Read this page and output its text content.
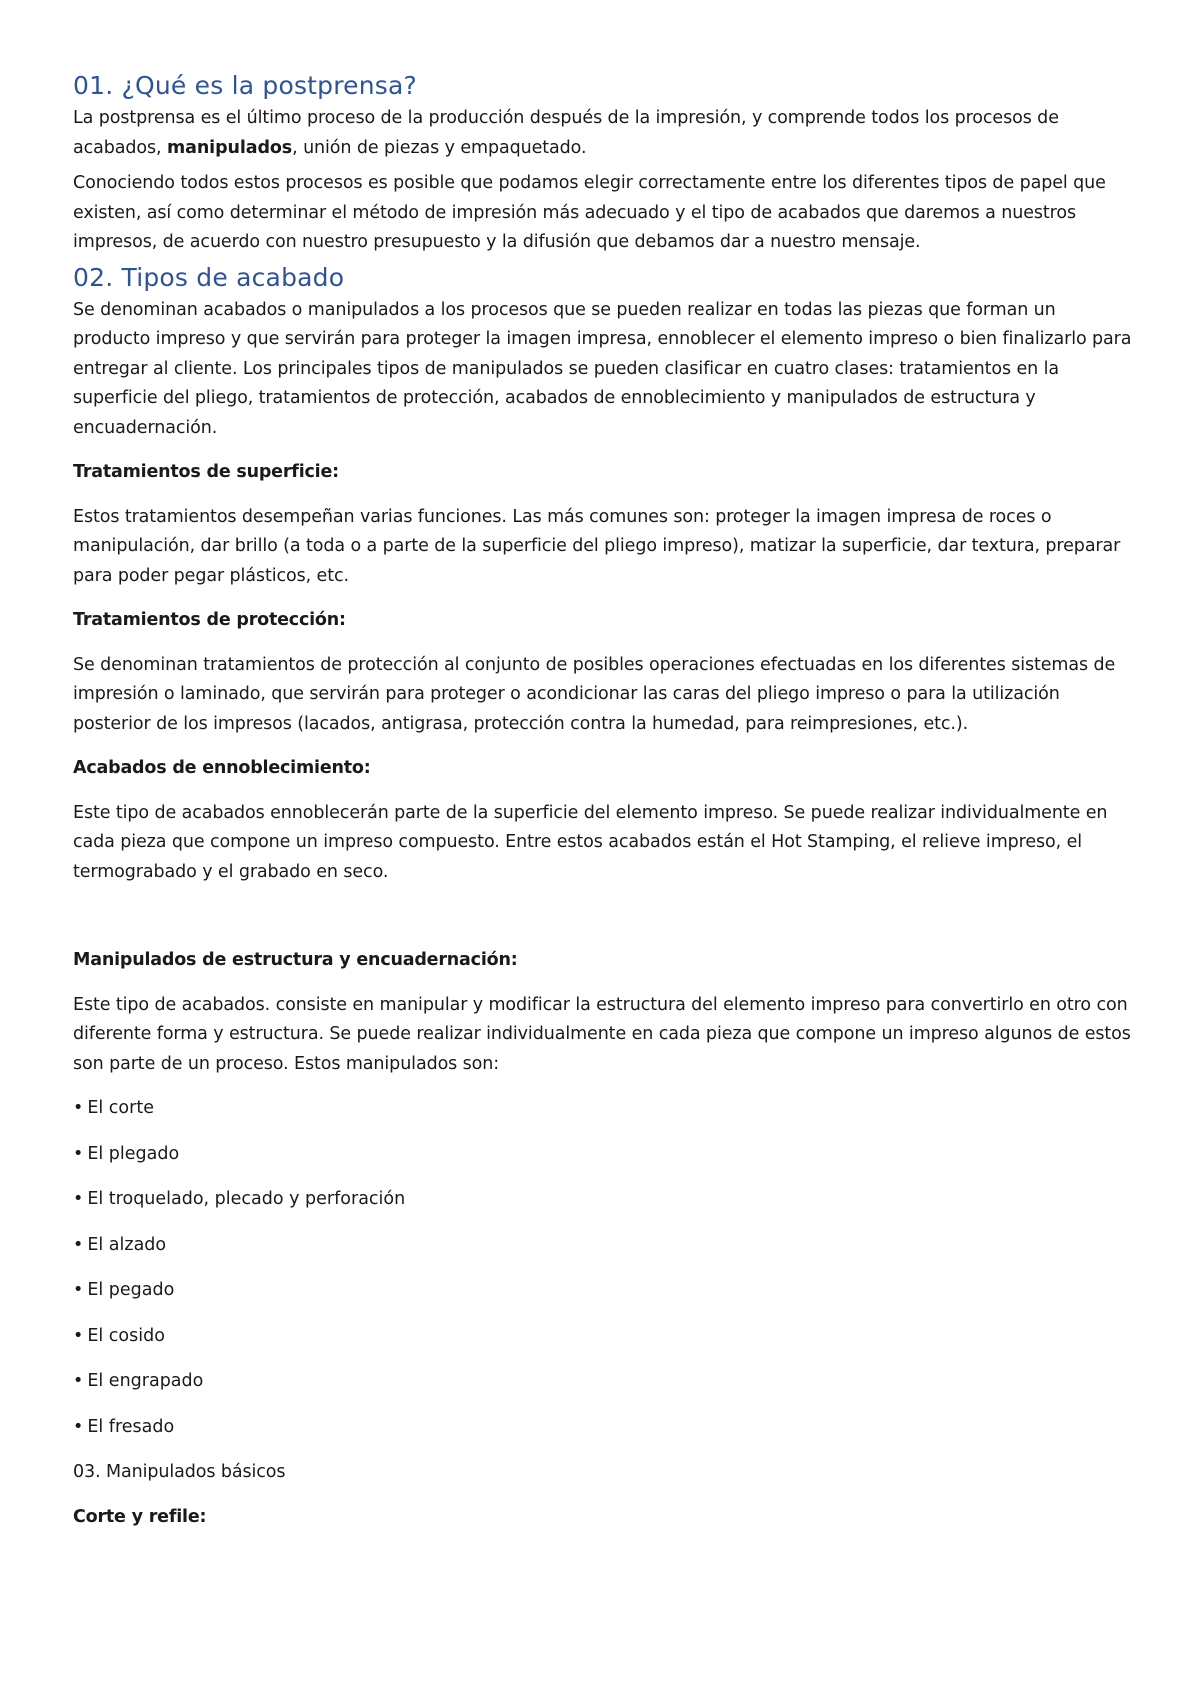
01. ¿Qué es la postprensa?

La postprensa es el último proceso de la producción después de la impresión, y comprende todos los procesos de acabados, manipulados, unión de piezas y empaquetado.

Conociendo todos estos procesos es posible que podamos elegir correctamente entre los diferentes tipos de papel que existen, así como determinar el método de impresión más adecuado y el tipo de acabados que daremos a nuestros impresos, de acuerdo con nuestro presupuesto y la difusión que debamos dar a nuestro mensaje.

02. Tipos de acabado

Se denominan acabados o manipulados a los procesos que se pueden realizar en todas las piezas que forman un producto impreso y que servirán para proteger la imagen impresa, ennoblecer el elemento impreso o bien finalizarlo para entregar al cliente. Los principales tipos de manipulados se pueden clasificar en cuatro clases: tratamientos en la superficie del pliego, tratamientos de protección, acabados de ennoblecimiento y manipulados de estructura y encuadernación.

Tratamientos de superficie:

Estos tratamientos desempeñan varias funciones. Las más comunes son: proteger la imagen impresa de roces o manipulación, dar brillo (a toda o a parte de la superficie del pliego impreso), matizar la superficie, dar textura, preparar para poder pegar plásticos, etc.

Tratamientos de protección:

Se denominan tratamientos de protección al conjunto de posibles operaciones efectuadas en los diferentes sistemas de impresión o laminado, que servirán para proteger o acondicionar las caras del pliego impreso o para la utilización posterior de los impresos (lacados, antigrasa, protección contra la humedad, para reimpresiones, etc.).

Acabados de ennoblecimiento:

Este tipo de acabados ennoblecerán parte de la superficie del elemento impreso. Se puede realizar individualmente en cada pieza que compone un impreso compuesto. Entre estos acabados están el Hot Stamping, el relieve impreso, el termograbado y el grabado en seco.

Manipulados de estructura y encuadernación:

Este tipo de acabados. consiste en manipular y modificar la estructura del elemento impreso para convertirlo en otro con diferente forma y estructura. Se puede realizar individualmente en cada pieza que compone un impreso algunos de estos son parte de un proceso. Estos manipulados son:

• El corte
• El plegado
• El troquelado, plecado y perforación
• El alzado
• El pegado
• El cosido
• El engrapado
• El fresado

03. Manipulados básicos

Corte y refile:
